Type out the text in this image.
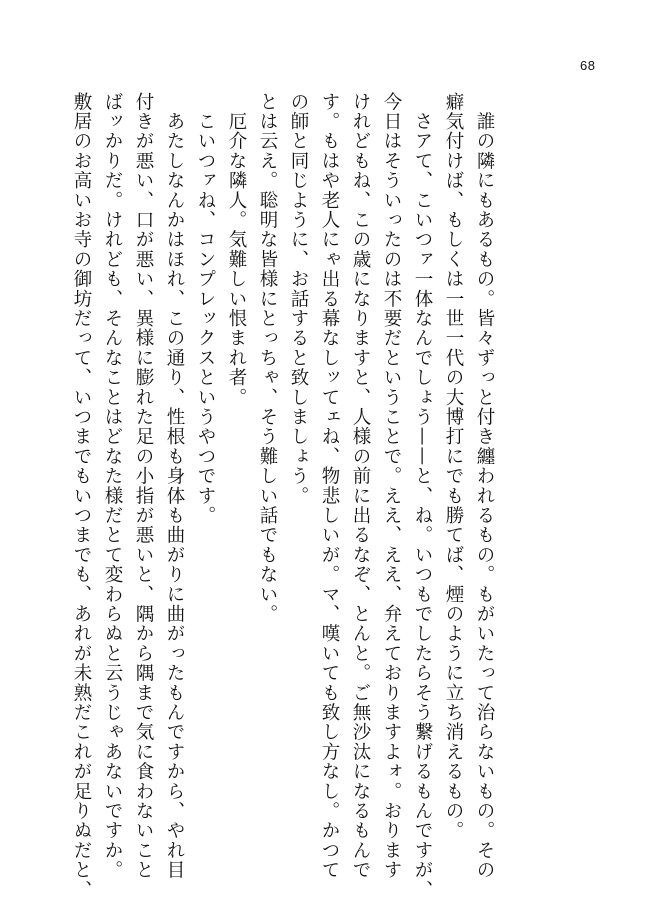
68
　誰の隣にもあるもの。皆々ずっと付き纏われるもの。もがいたって治らないもの。その
癖気付けば、もしくは一世一代の大博打にでも勝てば、煙のように立ち消えるもの。
　さアて、こいつァ一体なんでしょう——と、ね。いつもでしたらそう繋げるもんですが、
今日はそういったのは不要だということで。ええ、ええ、弁えておりますよォ。おります
けれどもね、この歳になりますと、人様の前に出るなぞ、とんと。ご無沙汰になるもんで
す。もはや老人にゃ出る幕なしッてェね、物悲しいが。マ、嘆いても致し方なし。かつて
の師と同じように、お話すると致しましょう。
とは云え。聡明な皆様にとっちゃ、そう難しい話でもない。
　厄介な隣人。気難しい恨まれ者。
　こいつァね、コンプレックスというやつです。
　あたしなんかはほれ、この通り、性根も身体も曲がりに曲がったもんですから、やれ目
付きが悪い、口が悪い、異様に膨れた足の小指が悪いと、隅から隅まで気に食わないこと
ばッかりだ。けれども、そんなことはどなた様だとて変わらぬと云うじゃあないですか。
敷居のお高いお寺の御坊だって、いつまでもいつまでも、あれが未熟だこれが足りぬだと、
